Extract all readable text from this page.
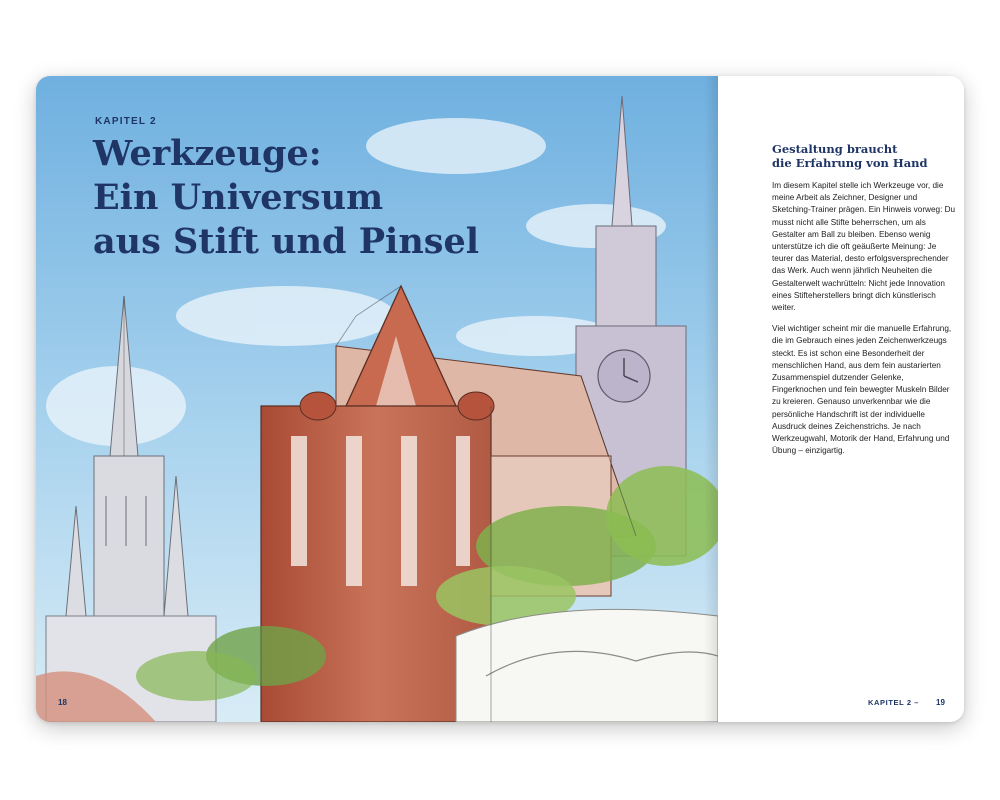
KAPITEL 2
Werkzeuge:
Ein Universum
aus Stift und Pinsel
18
Gestaltung braucht
die Erfahrung von Hand

Im diesem Kapitel stelle ich Werkzeuge vor, die meine Arbeit als Zeichner, Designer und Sketching-Trainer prägen. Ein Hinweis vorweg: Du musst nicht alle Stifte beherrschen, um als Gestalter am Ball zu bleiben. Ebenso wenig unterstütze ich die oft geäußerte Meinung: Je teurer das Material, desto erfolgsversprechender das Werk. Auch wenn jährlich Neuheiten die Gestalterwelt wachrütteln: Nicht jede Innovation eines Stifteherstellers bringt dich künstlerisch weiter.

Viel wichtiger scheint mir die manuelle Erfahrung, die im Gebrauch eines jeden Zeichenwerkzeugs steckt. Es ist schon eine Besonderheit der menschlichen Hand, aus dem fein austarierten Zusammenspiel dutzender Gelenke, Fingerknochen und fein bewegter Muskeln Bilder zu kreieren. Genauso unverkennbar wie die persönliche Handschrift ist der individuelle Ausdruck deines Zeichenstrichs. Je nach Werkzeugwahl, Motorik der Hand, Erfahrung und Übung – einzigartig.

KAPITEL 2 – 19
